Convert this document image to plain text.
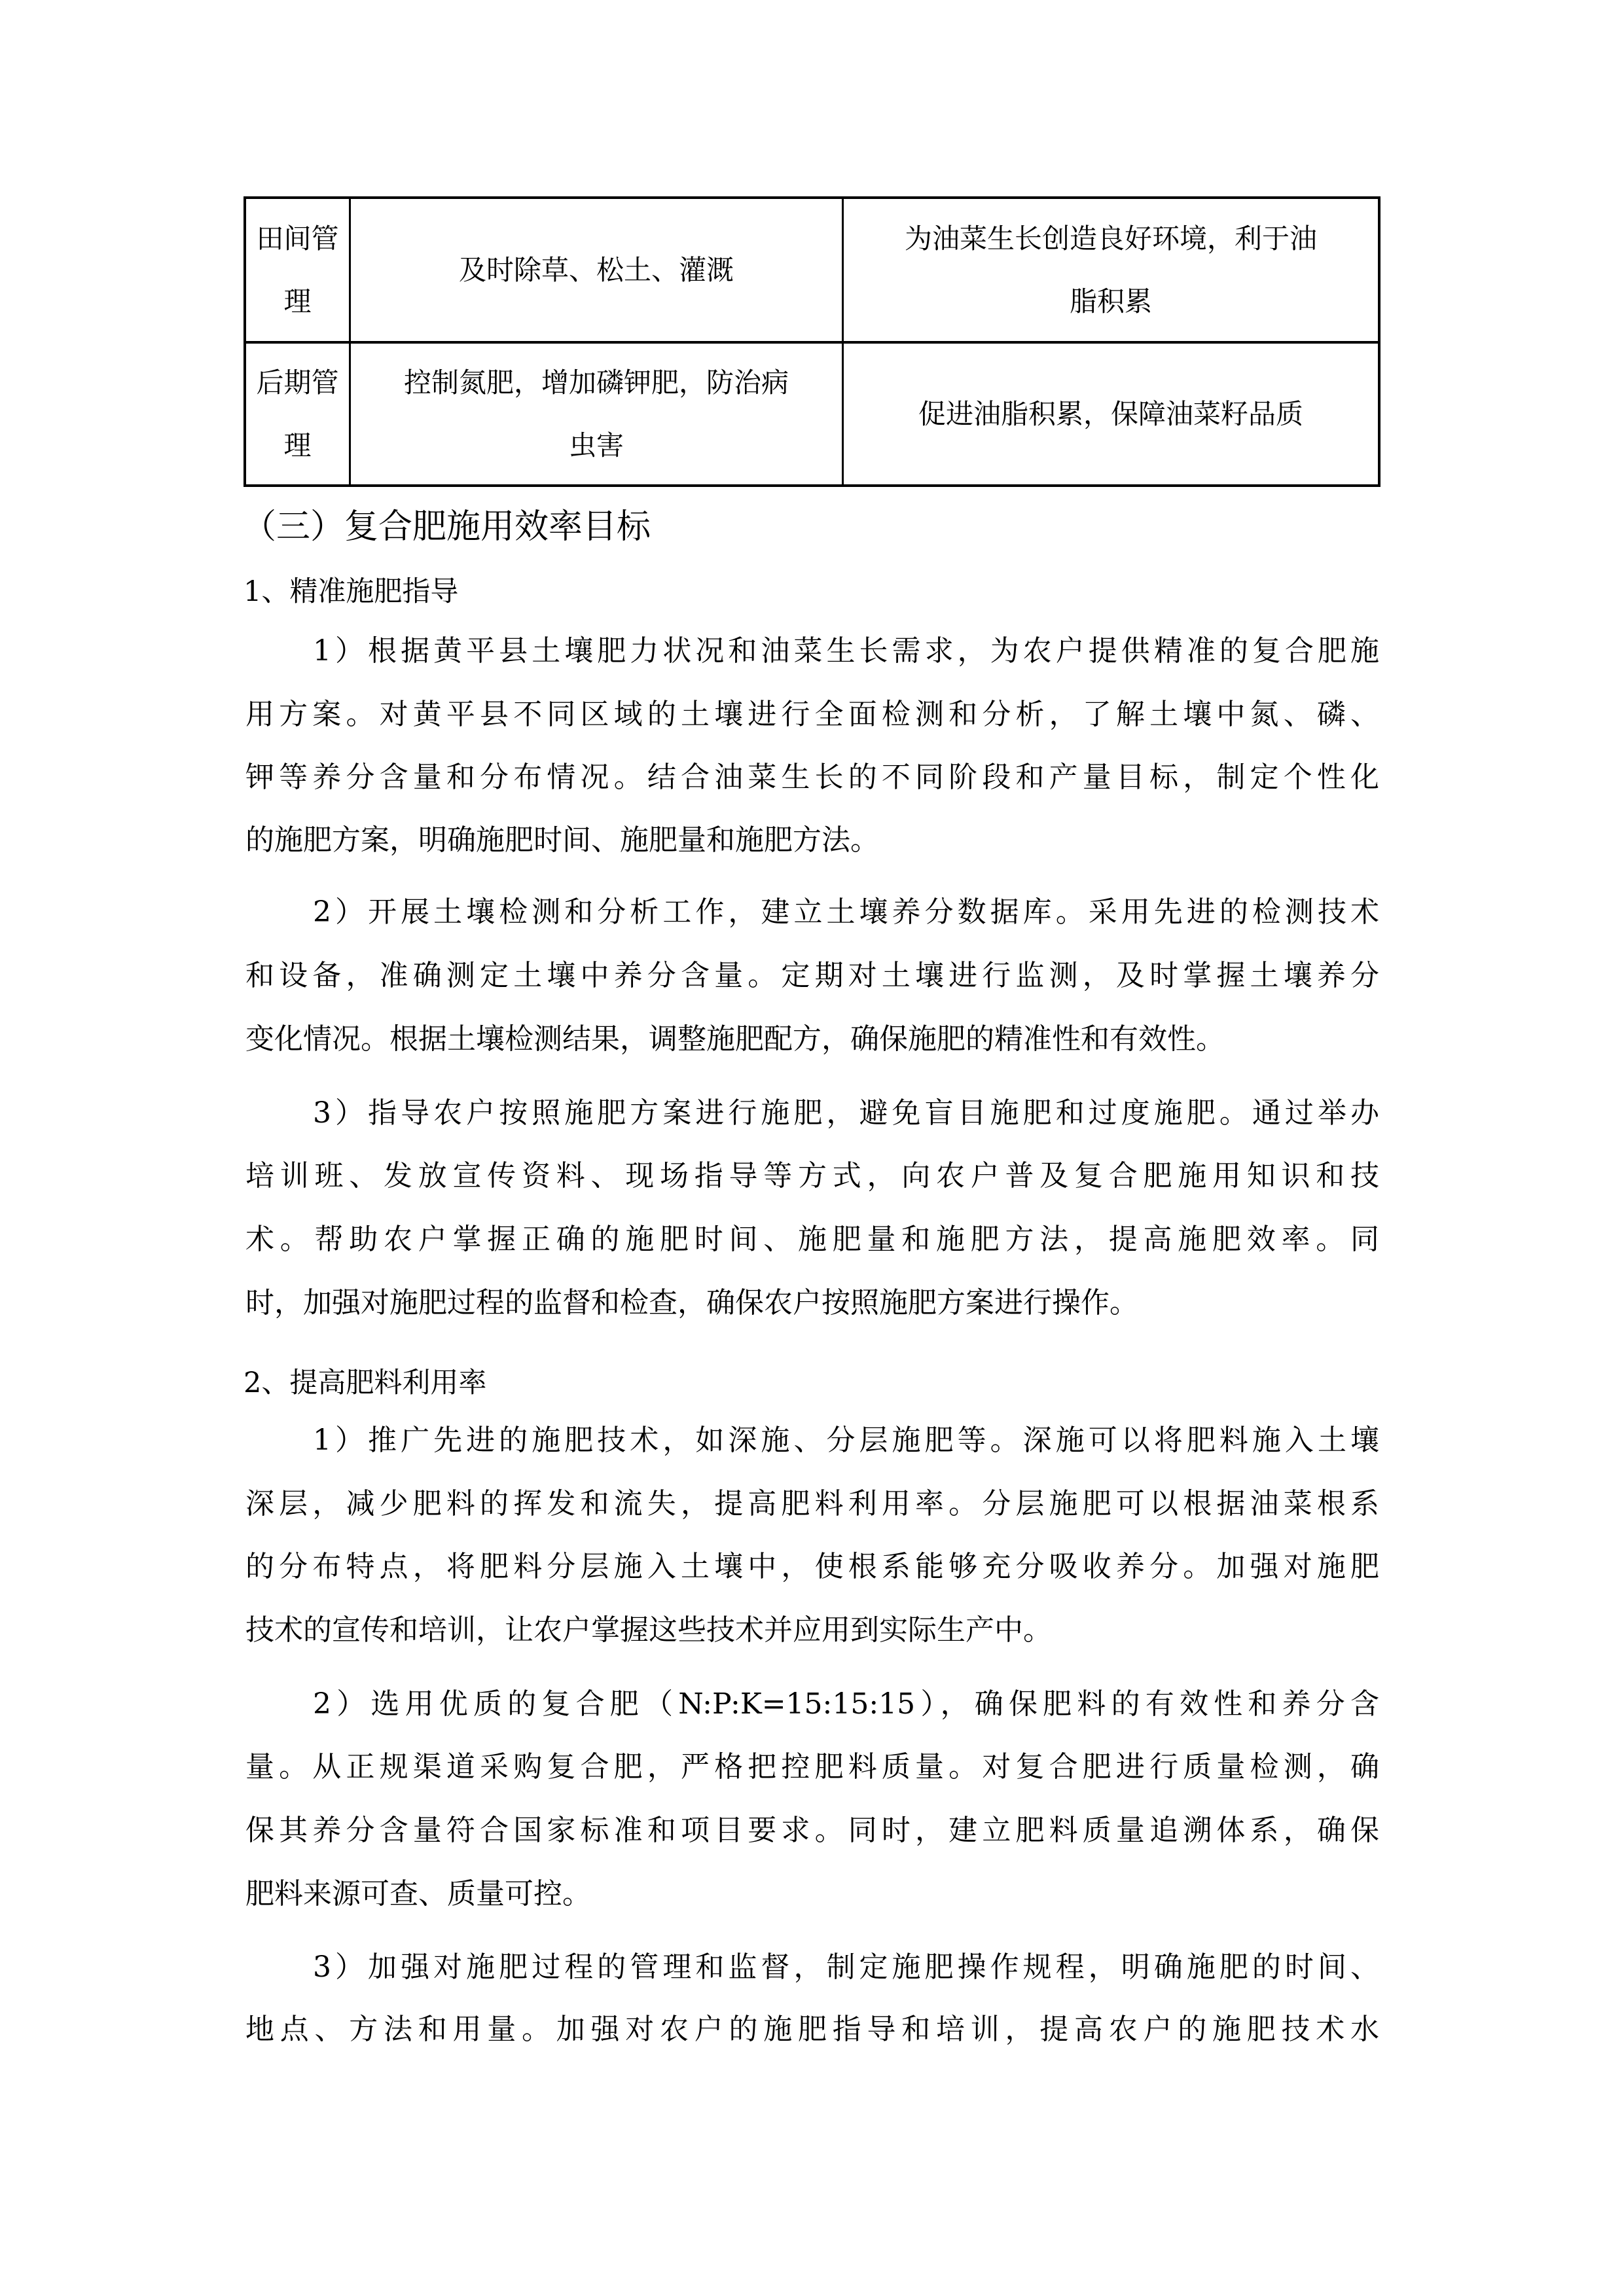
田间管
理
及时除草、松土、灌溉
为油菜生长创造良好环境，利于油
脂积累
后期管
理
控制氮肥，增加磷钾肥，防治病
虫害
促进油脂积累，保障油菜籽品质
（三）复合肥施用效率目标
1、精准施肥指导
1）根据黄平县土壤肥力状况和油菜生长需求，为农户提供精准的复合肥施
用方案。对黄平县不同区域的土壤进行全面检测和分析，了解土壤中氮、磷、
钾等养分含量和分布情况。结合油菜生长的不同阶段和产量目标，制定个性化
的施肥方案，明确施肥时间、施肥量和施肥方法。
2）开展土壤检测和分析工作，建立土壤养分数据库。采用先进的检测技术
和设备，准确测定土壤中养分含量。定期对土壤进行监测，及时掌握土壤养分
变化情况。根据土壤检测结果，调整施肥配方，确保施肥的精准性和有效性。
3）指导农户按照施肥方案进行施肥，避免盲目施肥和过度施肥。通过举办
培训班、发放宣传资料、现场指导等方式，向农户普及复合肥施用知识和技
术。帮助农户掌握正确的施肥时间、施肥量和施肥方法，提高施肥效率。同
时，加强对施肥过程的监督和检查，确保农户按照施肥方案进行操作。
2、提高肥料利用率
1）推广先进的施肥技术，如深施、分层施肥等。深施可以将肥料施入土壤
深层，减少肥料的挥发和流失，提高肥料利用率。分层施肥可以根据油菜根系
的分布特点，将肥料分层施入土壤中，使根系能够充分吸收养分。加强对施肥
技术的宣传和培训，让农户掌握这些技术并应用到实际生产中。
2）选用优质的复合肥（N:P:K=15:15:15），确保肥料的有效性和养分含
量。从正规渠道采购复合肥，严格把控肥料质量。对复合肥进行质量检测，确
保其养分含量符合国家标准和项目要求。同时，建立肥料质量追溯体系，确保
肥料来源可查、质量可控。
3）加强对施肥过程的管理和监督，制定施肥操作规程，明确施肥的时间、
地点、方法和用量。加强对农户的施肥指导和培训，提高农户的施肥技术水
